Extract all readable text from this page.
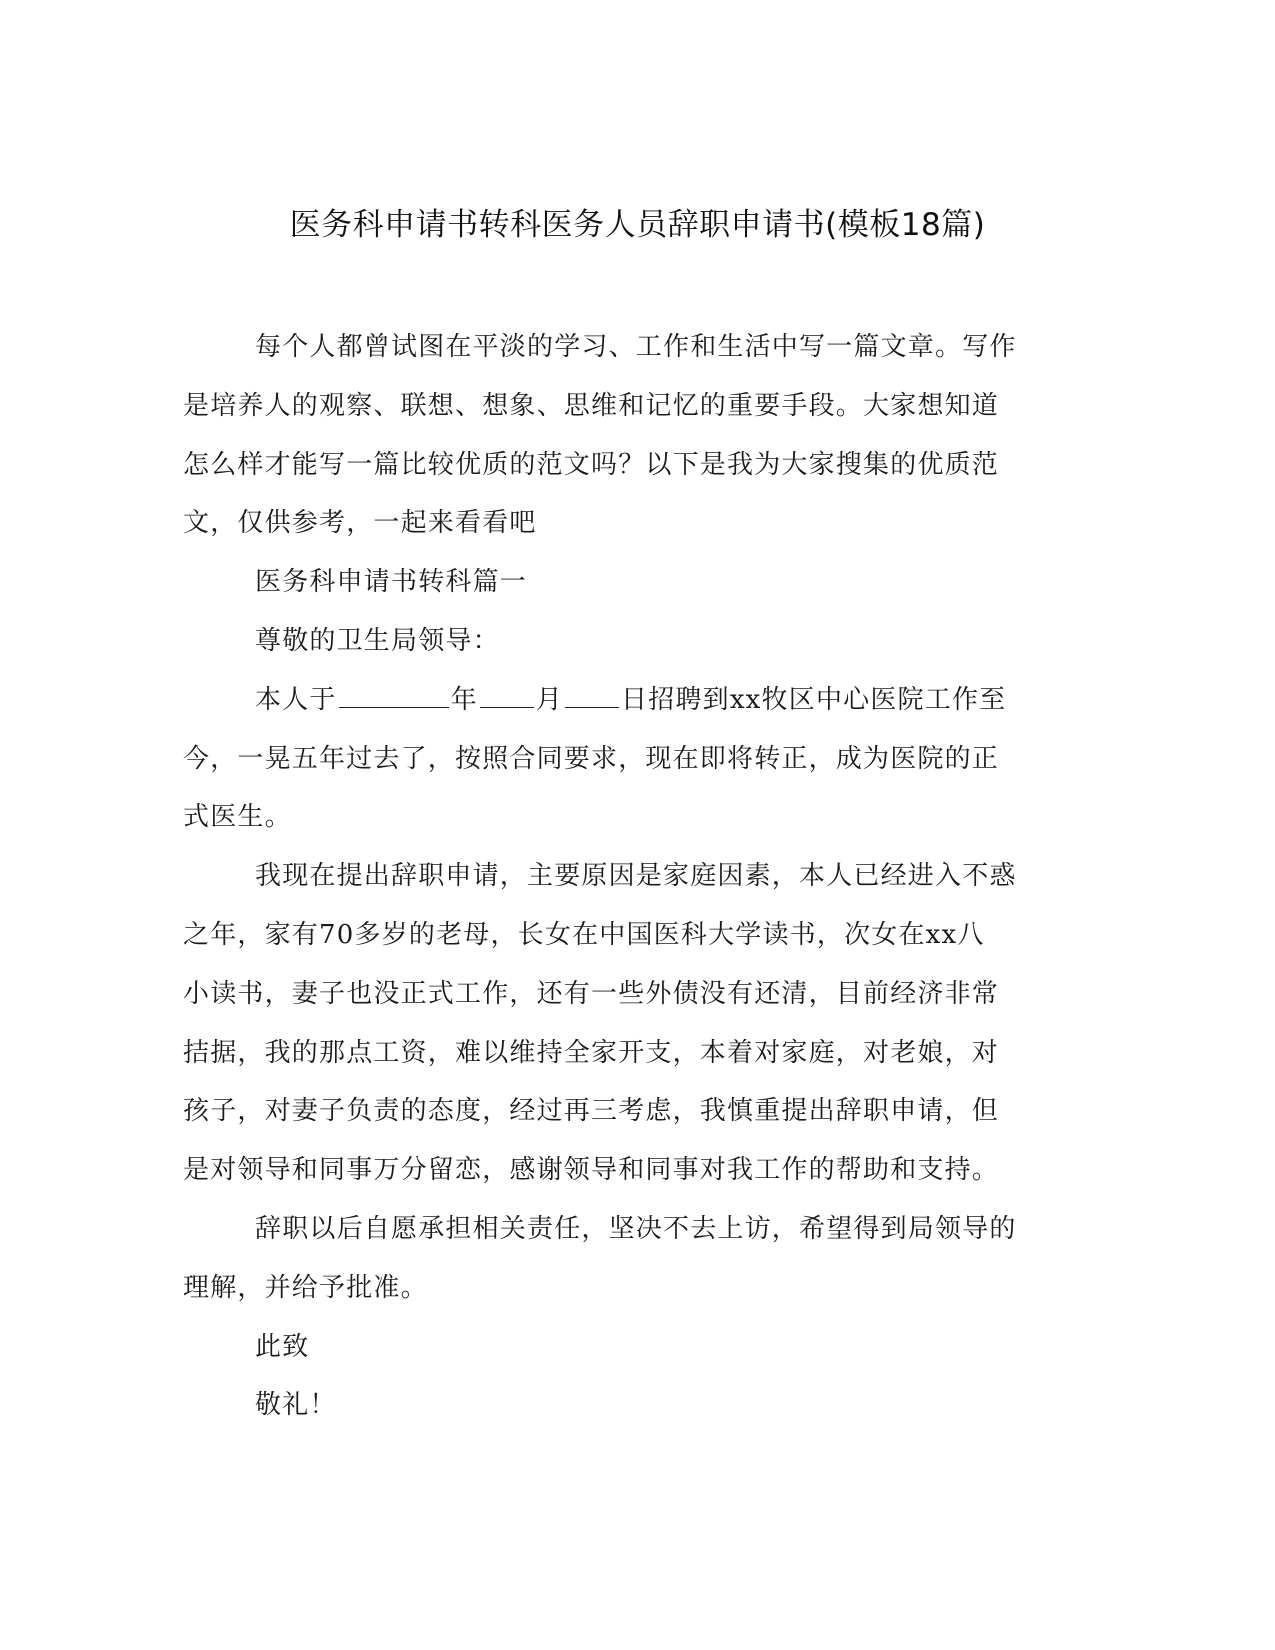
医务科申请书转科医务人员辞职申请书(模板18篇)
每个人都曾试图在平淡的学习、工作和生活中写一篇文章。写作
是培养人的观察、联想、想象、思维和记忆的重要手段。大家想知道
怎么样才能写一篇比较优质的范文吗？以下是我为大家搜集的优质范
文，仅供参考，一起来看看吧
医务科申请书转科篇一
尊敬的卫生局领导：
本人于	年 月 日招聘到xx牧区中心医院工作至
今，一晃五年过去了，按照合同要求，现在即将转正，成为医院的正
式医生。
我现在提出辞职申请，主要原因是家庭因素，本人已经进入不惑
之年，家有70多岁的老母，长女在中国医科大学读书，次女在xx八
小读书，妻子也没正式工作，还有一些外债没有还清，目前经济非常
拮据，我的那点工资，难以维持全家开支，本着对家庭，对老娘，对
孩子，对妻子负责的态度，经过再三考虑，我慎重提出辞职申请，但
是对领导和同事万分留恋，感谢领导和同事对我工作的帮助和支持。
辞职以后自愿承担相关责任，坚决不去上访，希望得到局领导的
理解，并给予批准。
此致
敬礼！
